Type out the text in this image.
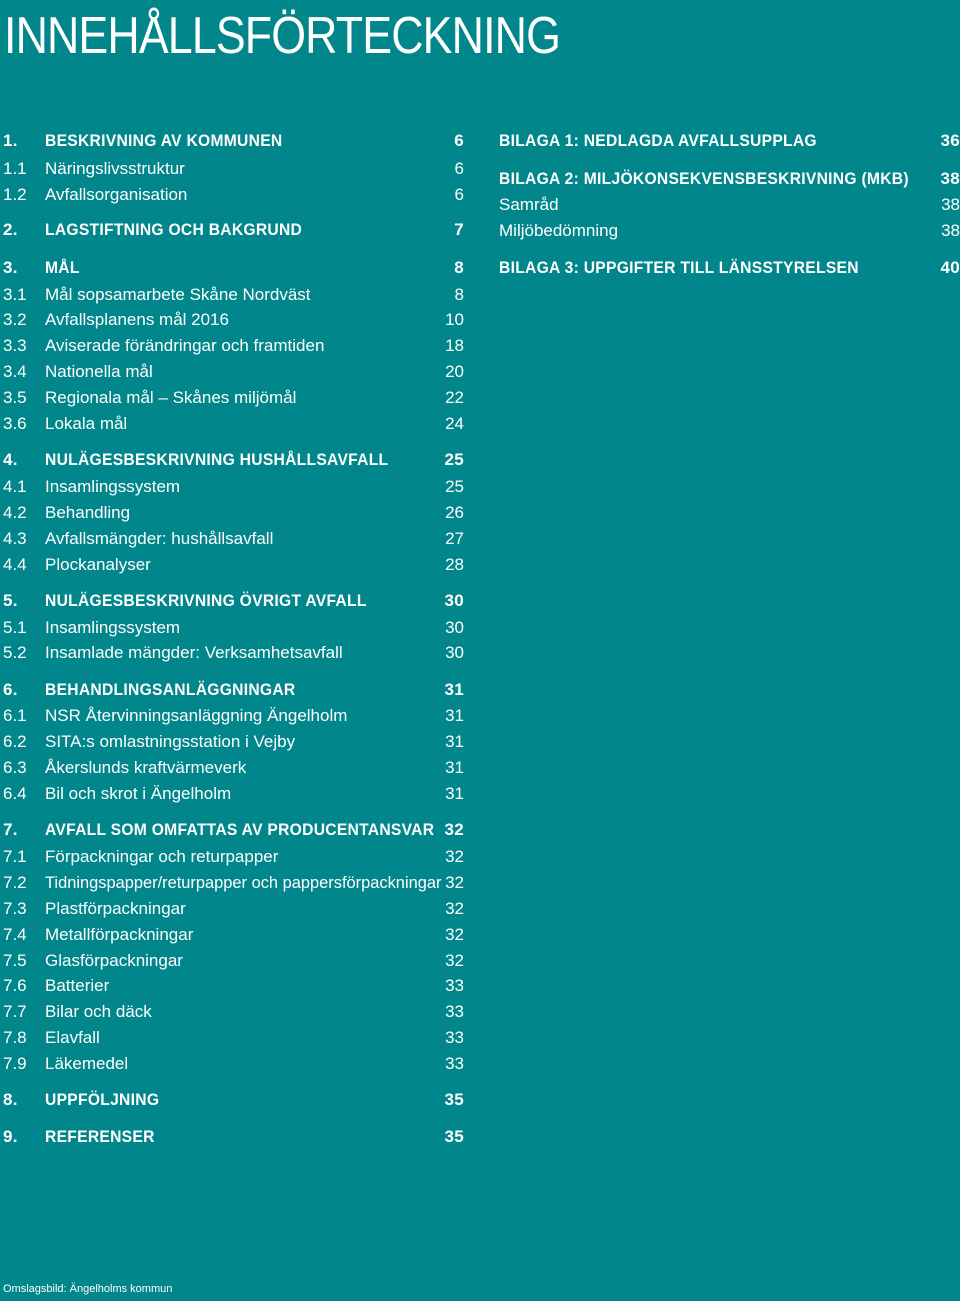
INNEHÅLLSFÖRTECKNING
1. BESKRIVNING AV KOMMUNEN	6
1.1 Näringslivsstruktur	6
1.2 Avfallsorganisation	6
2. LAGSTIFTNING OCH BAKGRUND	7
3. MÅL	8
3.1 Mål sopsamarbete Skåne Nordväst	8
3.2 Avfallsplanens mål 2016	10
3.3 Aviserade förändringar och framtiden	18
3.4 Nationella mål	20
3.5 Regionala mål – Skånes miljömål	22
3.6 Lokala mål	24
4. NULÄGESBESKRIVNING HUSHÅLLSAVFALL	25
4.1 Insamlingssystem	25
4.2 Behandling	26
4.3 Avfallsmängder: hushållsavfall	27
4.4 Plockanalyser	28
5. NULÄGESBESKRIVNING ÖVRIGT AVFALL	30
5.1 Insamlingssystem	30
5.2 Insamlade mängder: Verksamhetsavfall	30
6. BEHANDLINGSANLÄGGNINGAR	31
6.1 NSR Återvinningsanläggning Ängelholm	31
6.2 SITA:s omlastningsstation i Vejby	31
6.3 Åkerslunds kraftvärmeverk	31
6.4 Bil och skrot i Ängelholm	31
7. AVFALL SOM OMFATTAS AV PRODUCENTANSVAR 32
7.1 Förpackningar och returpapper	32
7.2 Tidningspapper/returpapper och pappersförpackningar 32
7.3 Plastförpackningar	32
7.4 Metallförpackningar	32
7.5 Glasförpackningar	32
7.6 Batterier	33
7.7 Bilar och däck	33
7.8 Elavfall	33
7.9 Läkemedel	33
8. UPPFÖLJNING	35
9. REFERENSER	35
BILAGA 1: NEDLAGDA AVFALLSUPPLAG	36
BILAGA 2: MILJÖKONSEKVENSBESKRIVNING (MKB) 38
Samråd	38
Miljöbedömning	38
BILAGA 3: UPPGIFTER TILL LÄNSSTYRELSEN	40
Omslagsbild: Ängelholms kommun
